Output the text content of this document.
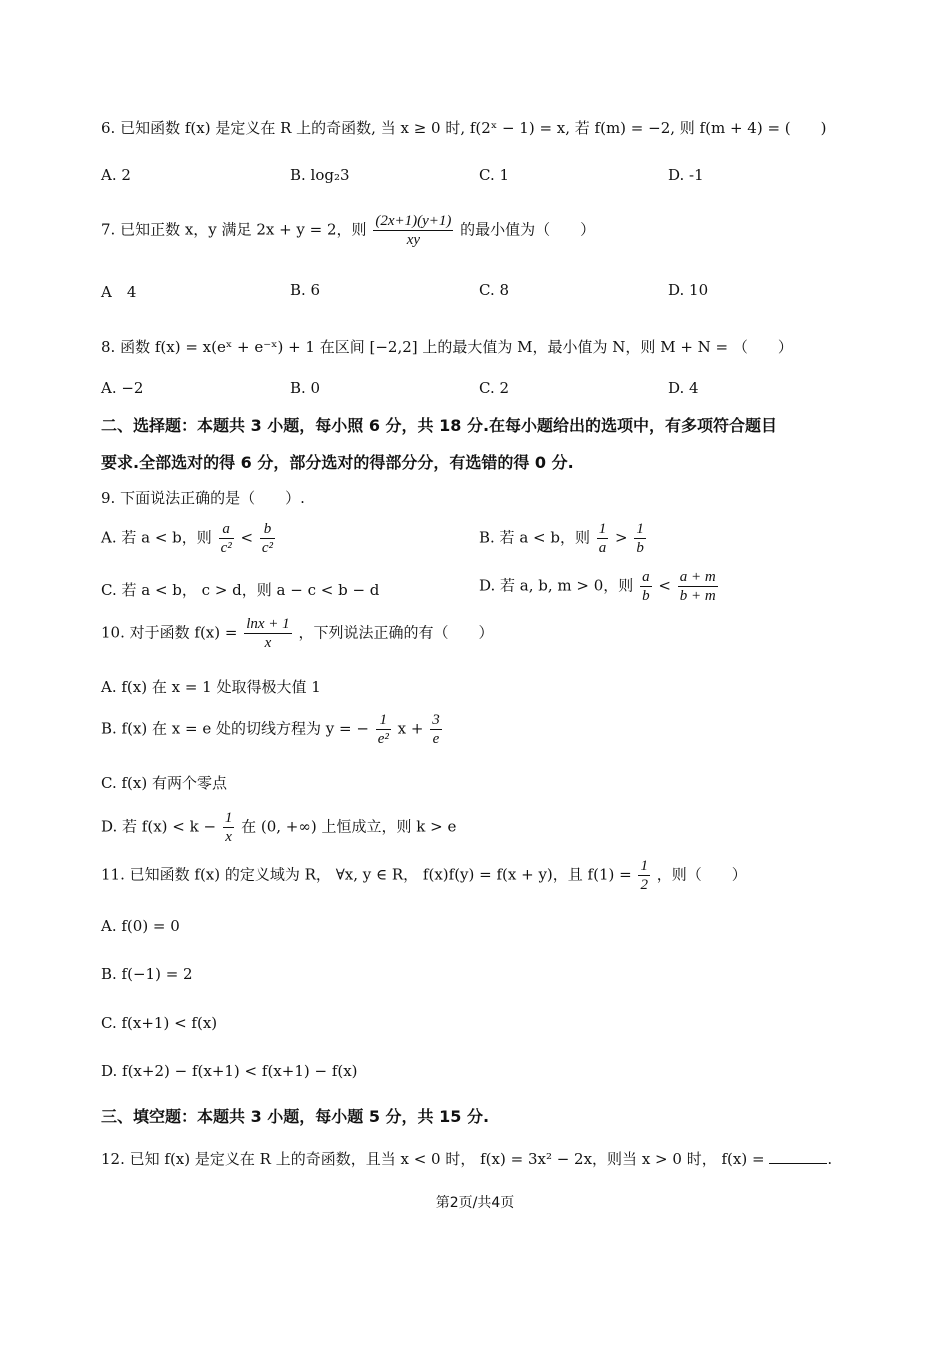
6. 已知函数 f(x) 是定义在 R 上的奇函数, 当 x ≥ 0 时, f(2ˣ − 1) = x, 若 f(m) = −2, 则 f(m + 4) = (　　)
A. 2	B. log₂3	C. 1	D. -1
7. 已知正数 x，y 满足 2x + y = 2，则 $\frac{(2x+1)(y+1)}{xy}$ 的最小值为（　　）
A　4	B. 6	C. 8	D. 10
8. 函数 f(x) = x(eˣ + e⁻ˣ) + 1 在区间 [−2,2] 上的最大值为 M，最小值为 N，则 M + N = （　　）
A. −2	B. 0	C. 2	D. 4
二、选择题：本题共 3 小题，每小照 6 分，共 18 分.在每小题给出的选项中，有多项符合题目
要求.全部选对的得 6 分，部分选对的得部分分，有选错的得 0 分.
9. 下面说法正确的是（　　）.
A. 若 a < b，则 $\frac{a}{\text{c²}} < \frac{b}{\text{c²}}$	B. 若 a < b，则 $\frac{1}{a} > \frac{1}{b}$
C. 若 a < b， c > d，则 a − c < b − d	D. 若 a, b, m > 0，则 $\frac{a}{b} < \frac{a + m}{b + m}$
10. 对于函数 $f(x) = \frac{\ln x + 1}{x}$ ，下列说法正确的有（　　）
A. f(x) 在 x = 1 处取得极大值 1
B. f(x) 在 x = e 处的切线方程为 y = − $\frac{1}{\text{e²}}$ $x + \frac{3}{e}$
C. f(x) 有两个零点
D. 若 $f(x) < k - \frac{1}{x}$ 在 (0, +∞) 上恒成立，则 k > e
11. 已知函数 f(x) 的定义域为 R， ∀x, y ∈ R， f(x)f(y) = f(x + y)，且 $f(1) = \frac{1}{2}$ ，则（　　）
A. f(0) = 0
B. f(−1) = 2
C. f(x+1) < f(x)
D. f(x+2) − f(x+1) < f(x+1) − f(x)
三、填空题：本题共 3 小题，每小题 5 分，共 15 分.
12. 已知 f(x) 是定义在 R 上的奇函数，且当 x < 0 时， f(x) = 3x² − 2x，则当 x > 0 时， f(x) =	.
第2页/共4页
